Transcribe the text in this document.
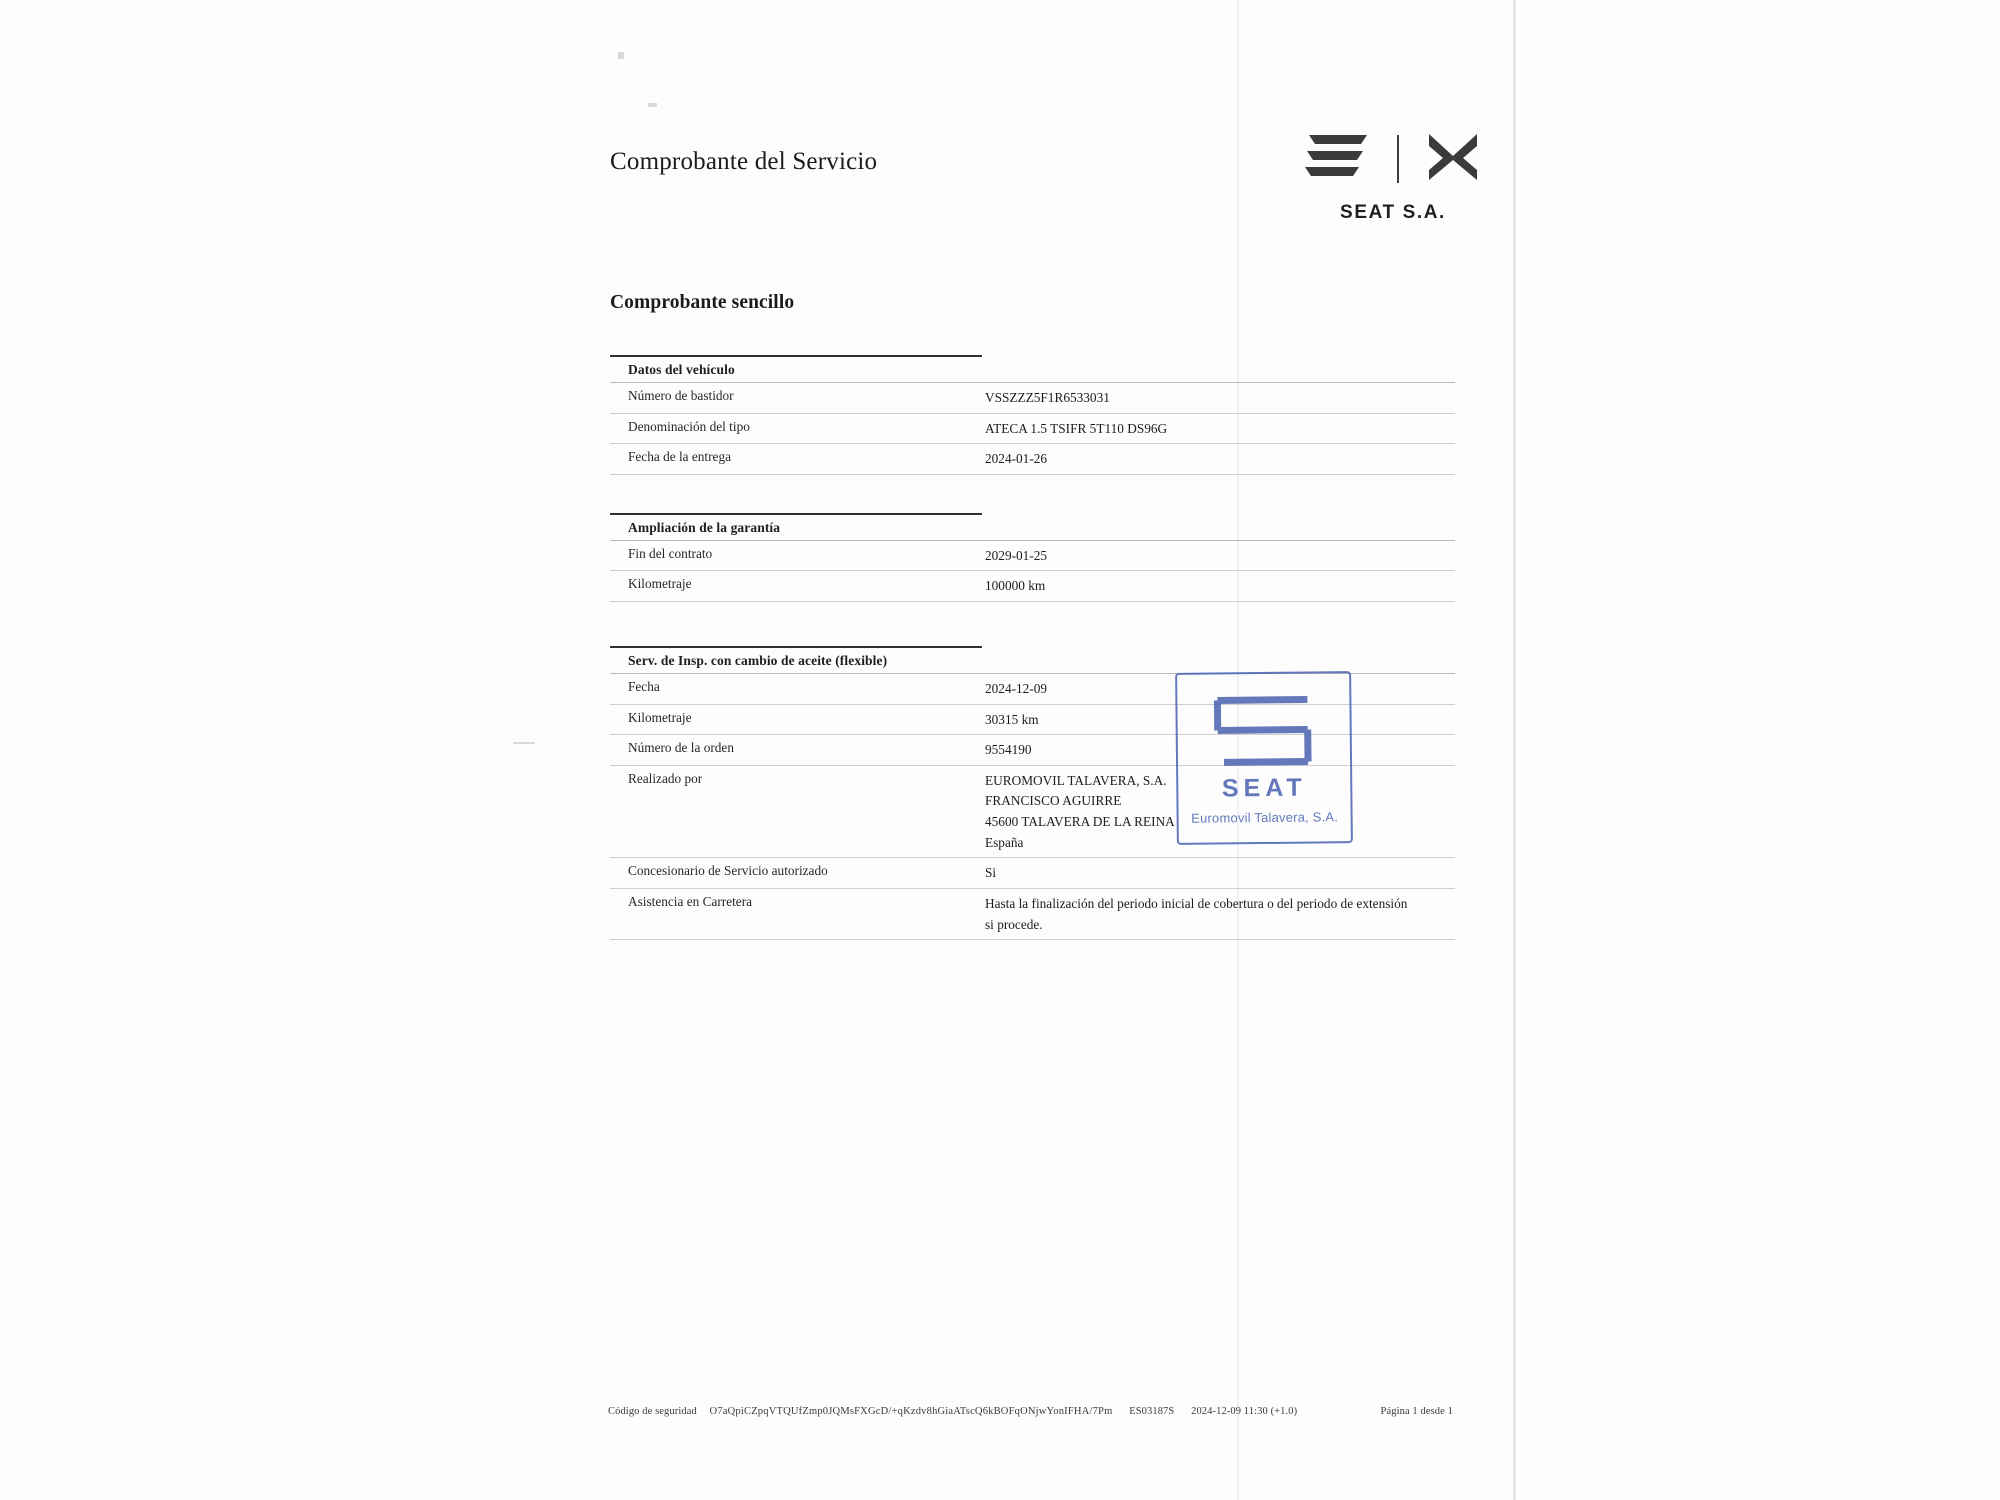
Comprobante del Servicio
SEAT S.A.
Comprobante sencillo
Datos del vehículo
Número de bastidor	VSSZZZ5F1R6533031
Denominación del tipo	ATECA 1.5 TSIFR 5T110 DS96G
Fecha de la entrega	2024-01-26
Ampliación de la garantía
Fin del contrato	2029-01-25
Kilometraje	100000 km
Serv. de Insp. con cambio de aceite (flexible)
Fecha	2024-12-09
Kilometraje	30315 km
Número de la orden	9554190
Realizado por	EUROMOVIL TALAVERA, S.A.
FRANCISCO AGUIRRE
45600 TALAVERA DE LA REINA
España
Concesionario de Servicio autorizado	Si
Asistencia en Carretera	Hasta la finalización del periodo inicial de cobertura o del periodo de extensión
si procede.
SEAT
Euromovil Talavera, S.A.
Código de seguridad O7aQpiCZpqVTQUfZmp0JQMsFXGcD/+qKzdv8hGiaATscQ6kBOFqONjwYonIFHA/7Pm ES03187S 2024-12-09 11:30 (+1.0)	Página 1 desde 1
